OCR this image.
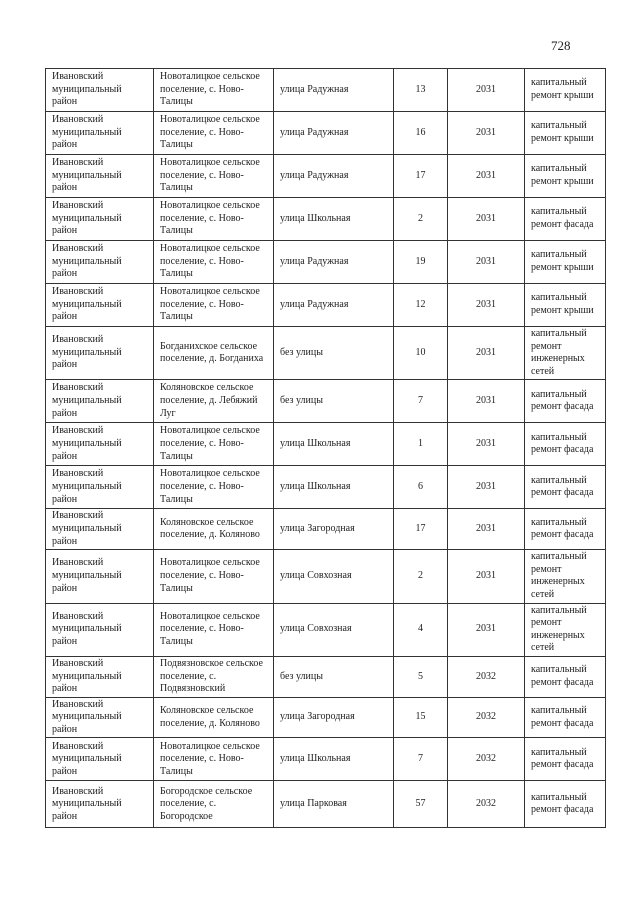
728
Ивановский муниципальный район	Новоталицкое сельское поселение, с. Ново-Талицы	улица Радужная	13	2031	капитальный ремонт крыши
Ивановский муниципальный район	Новоталицкое сельское поселение, с. Ново-Талицы	улица Радужная	16	2031	капитальный ремонт крыши
Ивановский муниципальный район	Новоталицкое сельское поселение, с. Ново-Талицы	улица Радужная	17	2031	капитальный ремонт крыши
Ивановский муниципальный район	Новоталицкое сельское поселение, с. Ново-Талицы	улица Школьная	2	2031	капитальный ремонт фасада
Ивановский муниципальный район	Новоталицкое сельское поселение, с. Ново-Талицы	улица Радужная	19	2031	капитальный ремонт крыши
Ивановский муниципальный район	Новоталицкое сельское поселение, с. Ново-Талицы	улица Радужная	12	2031	капитальный ремонт крыши
Ивановский муниципальный район	Богданихское сельское поселение, д. Богданиха	без улицы	10	2031	капитальный ремонт инженерных сетей
Ивановский муниципальный район	Коляновское сельское поселение, д. Лебяжий Луг	без улицы	7	2031	капитальный ремонт фасада
Ивановский муниципальный район	Новоталицкое сельское поселение, с. Ново-Талицы	улица Школьная	1	2031	капитальный ремонт фасада
Ивановский муниципальный район	Новоталицкое сельское поселение, с. Ново-Талицы	улица Школьная	6	2031	капитальный ремонт фасада
Ивановский муниципальный район	Коляновское сельское поселение, д. Коляново	улица Загородная	17	2031	капитальный ремонт фасада
Ивановский муниципальный район	Новоталицкое сельское поселение, с. Ново-Талицы	улица Совхозная	2	2031	капитальный ремонт инженерных сетей
Ивановский муниципальный район	Новоталицкое сельское поселение, с. Ново-Талицы	улица Совхозная	4	2031	капитальный ремонт инженерных сетей
Ивановский муниципальный район	Подвязновское сельское поселение, с. Подвязновский	без улицы	5	2032	капитальный ремонт фасада
Ивановский муниципальный район	Коляновское сельское поселение, д. Коляново	улица Загородная	15	2032	капитальный ремонт фасада
Ивановский муниципальный район	Новоталицкое сельское поселение, с. Ново-Талицы	улица Школьная	7	2032	капитальный ремонт фасада
Ивановский муниципальный район	Богородское сельское поселение, с. Богородское	улица Парковая	57	2032	капитальный ремонт фасада
